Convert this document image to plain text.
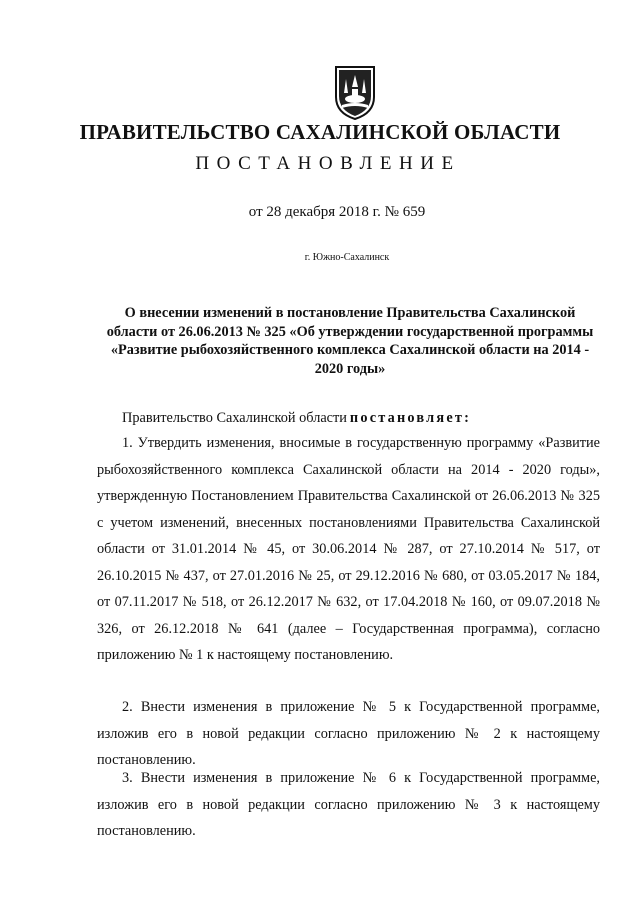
ПРАВИТЕЛЬСТВО САХАЛИНСКОЙ ОБЛАСТИ
ПОСТАНОВЛЕНИЕ
от 28 декабря 2018 г. № 659
г. Южно-Сахалинск
О внесении изменений в постановление Правительства Сахалинской области от 26.06.2013 № 325 «Об утверждении государственной программы «Развитие рыбохозяйственного комплекса Сахалинской области на 2014 - 2020 годы»
Правительство Сахалинской области постановляет:

1. Утвердить изменения, вносимые в государственную программу «Развитие рыбохозяйственного комплекса Сахалинской области на 2014 - 2020 годы», утвержденную Постановлением Правительства Сахалинской от 26.06.2013 № 325 с учетом изменений, внесенных постановлениями Правительства Сахалинской области от 31.01.2014 № 45, от 30.06.2014 № 287, от 27.10.2014 № 517, от 26.10.2015 № 437, от 27.01.2016 № 25, от 29.12.2016 № 680, от 03.05.2017 № 184, от 07.11.2017 № 518, от 26.12.2017 № 632, от 17.04.2018 № 160, от 09.07.2018 № 326, от 26.12.2018 № 641 (далее – Государственная программа), согласно приложению № 1 к настоящему постановлению.

2. Внести изменения в приложение № 5 к Государственной программе, изложив его в новой редакции согласно приложению № 2 к настоящему постановлению.

3. Внести изменения в приложение № 6 к Государственной программе, изложив его в новой редакции согласно приложению № 3 к настоящему постановлению.
